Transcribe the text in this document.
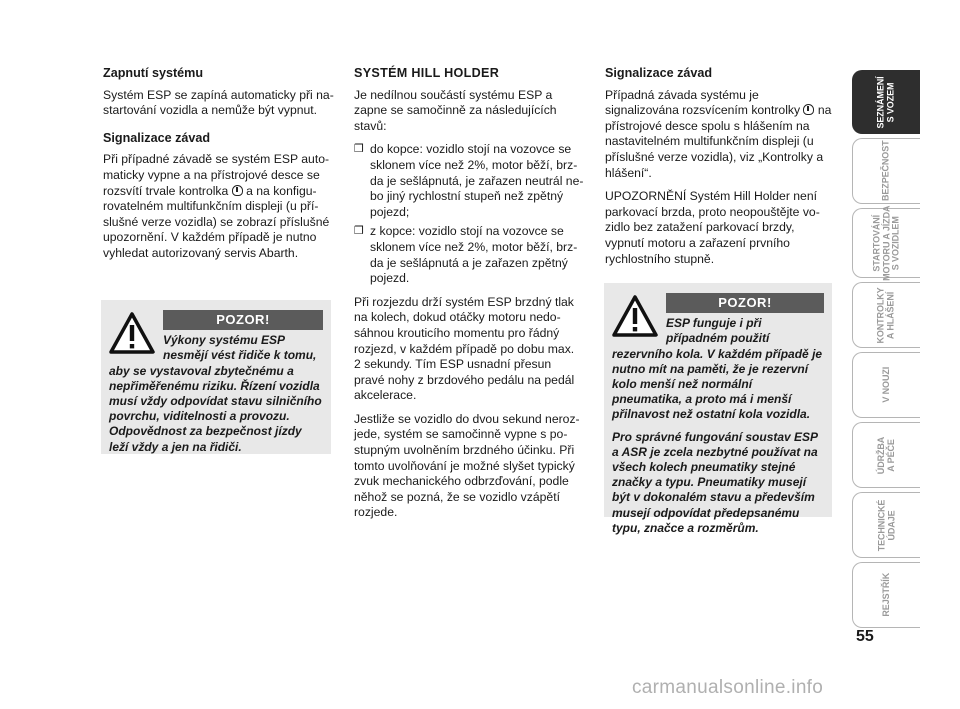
Zapnutí systému

Systém ESP se zapíná automaticky při nastartování vozidla a nemůže být vypnut.

Signalizace závad

Při případné závadě se systém ESP automaticky vypne a na přístrojové desce se rozsvítí trvale kontrolka a na konfigurovatelném multifunkčním displeji (u příslušné verze vozidla) se zobrazí příslušné upozornění. V každém případě je nutno vyhledat autorizovaný servis Abarth.

POZOR!

Výkony systému ESP nesmějí vést řidiče k tomu, aby se vystavoval zbytečnému a nepřiměřenému riziku. Řízení vozidla musí vždy odpovídat stavu silničního povrchu, viditelnosti a provozu. Odpovědnost za bezpečnost jízdy leží vždy a jen na řidiči.

SYSTÉM HILL HOLDER

Je nedílnou součástí systému ESP a zapne se samočinně za následujících stavů:

❒ do kopce: vozidlo stojí na vozovce se sklonem více než 2%, motor běží, brzda je sešlápnutá, je zařazen neutrál nebo jiný rychlostní stupeň než zpětný pojezd;
❒ z kopce: vozidlo stojí na vozovce se sklonem více než 2%, motor běží, brzda je sešlápnutá a je zařazen zpětný pojezd.

Při rozjezdu drží systém ESP brzdný tlak na kolech, dokud otáčky motoru nedosáhnou krouticího momentu pro řádný rozjezd, v každém případě po dobu max. 2 sekundy. Tím ESP usnadní přesun pravé nohy z brzdového pedálu na pedál akcelerace.

Jestliže se vozidlo do dvou sekund nerozjede, systém se samočinně vypne s postupným uvolněním brzdného účinku. Při tomto uvolňování je možné slyšet typický zvuk mechanického odbrzďování, podle něhož se pozná, že se vozidlo vzápětí rozjede.

Signalizace závad

Případná závada systému je signalizována rozsvícením kontrolky na přístrojové desce spolu s hlášením na nastavitelném multifunkčním displeji (u příslušné verze vozidla), viz „Kontrolky a hlášení“.

UPOZORNĚNÍ Systém Hill Holder není parkovací brzda, proto neopouštějte vozidlo bez zatažení parkovací brzdy, vypnutí motoru a zařazení prvního rychlostního stupně.

POZOR!

ESP funguje i při případném použití rezervního kola. V každém případě je nutno mít na paměti, že je rezervní kolo menší než normální pneumatika, a proto má i menší přilnavost než ostatní kola vozidla.

Pro správné fungování soustav ESP a ASR je zcela nezbytné používat na všech kolech pneumatiky stejné značky a typu. Pneumatiky musejí být v dokonalém stavu a především musejí odpovídat předepsanému typu, značce a rozměrům.

SEZNÁMENÍ
S VOZEM
BEZPEČNOST
STARTOVÁNÍ
MOTORU A JÍZDA
S VOZIDLEM
KONTROLKY
A HLÁŠENÍ
V NOUZI
ÚDRŽBA
A PÉČE
TECHNICKÉ
ÚDAJE
REJSTŘÍK
55
carmanualsonline.info
